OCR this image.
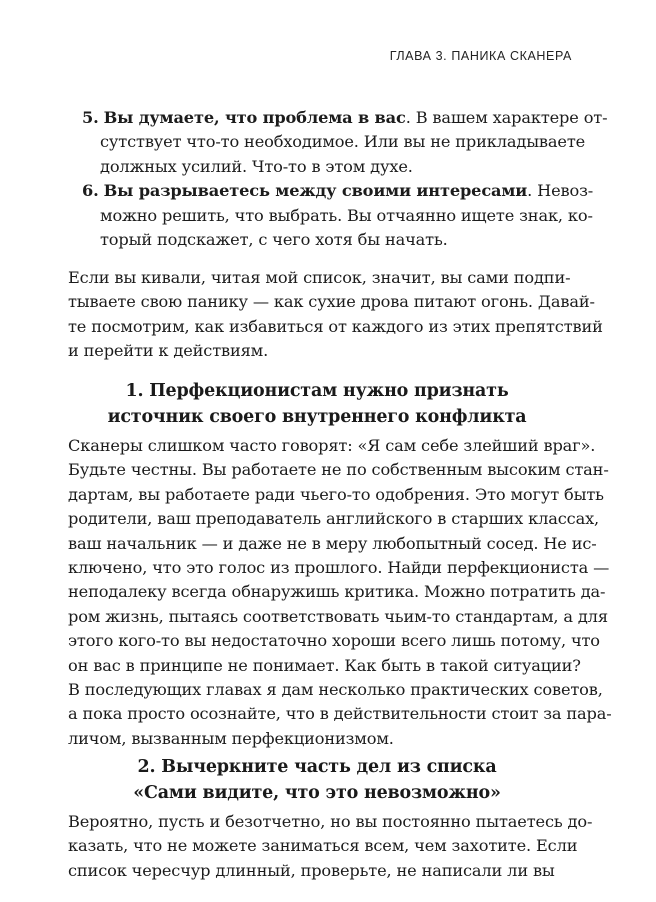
ГЛАВА 3. ПАНИКА СКАНЕРА
5. Вы думаете, что проблема в вас. В вашем характере от-
сутствует что-то необходимое. Или вы не прикладываете
должных усилий. Что-то в этом духе.
6. Вы разрываетесь между своими интересами. Невоз-
можно решить, что выбрать. Вы отчаянно ищете знак, ко-
торый подскажет, с чего хотя бы начать.
Если вы кивали, читая мой список, значит, вы сами подпи-
тываете свою панику — как сухие дрова питают огонь. Давай-
те посмотрим, как избавиться от каждого из этих препятствий
и перейти к действиям.
1. Перфекционистам нужно признать
источник своего внутреннего конфликта
Сканеры слишком часто говорят: «Я сам себе злейший враг».
Будьте честны. Вы работаете не по собственным высоким стан-
дартам, вы работаете ради чьего-то одобрения. Это могут быть
родители, ваш преподаватель английского в старших классах,
ваш начальник — и даже не в меру любопытный сосед. Не ис-
ключено, что это голос из прошлого. Найди перфекциониста —
неподалеку всегда обнаружишь критика. Можно потратить да-
ром жизнь, пытаясь соответствовать чьим-то стандартам, а для
этого кого-то вы недостаточно хороши всего лишь потому, что
он вас в принципе не понимает. Как быть в такой ситуации?
В последующих главах я дам несколько практических советов,
а пока просто осознайте, что в действительности стоит за пара-
личом, вызванным перфекционизмом.
2. Вычеркните часть дел из списка
«Сами видите, что это невозможно»
Вероятно, пусть и безотчетно, но вы постоянно пытаетесь до-
казать, что не можете заниматься всем, чем захотите. Если
список чересчур длинный, проверьте, не написали ли вы
